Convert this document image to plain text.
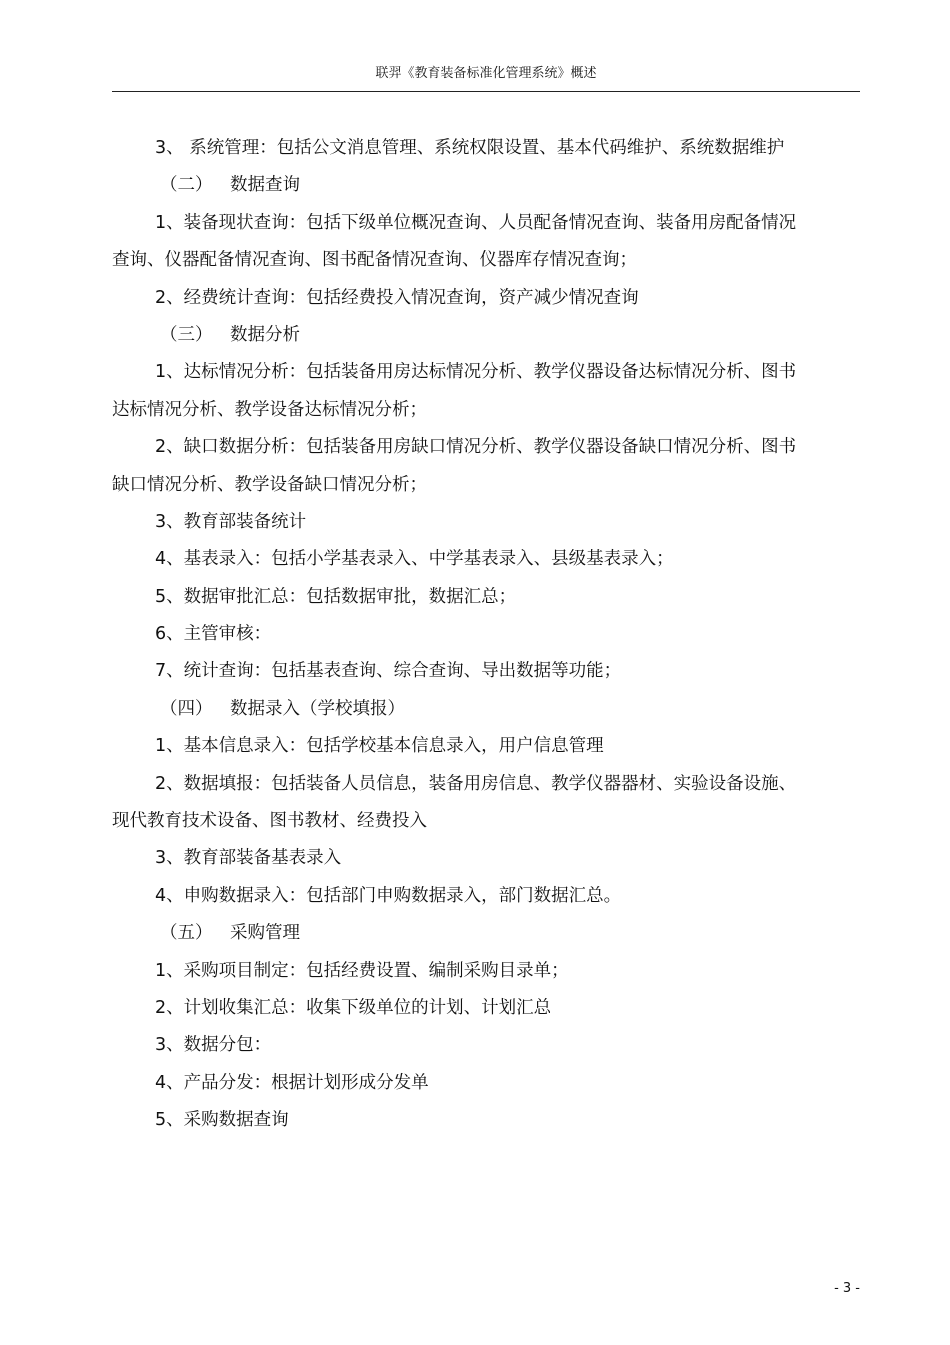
联羿《教育装备标准化管理系统》概述
3、 系统管理：包括公文消息管理、系统权限设置、基本代码维护、系统数据维护
（二） 数据查询
1、装备现状查询：包括下级单位概况查询、人员配备情况查询、装备用房配备情况
查询、仪器配备情况查询、图书配备情况查询、仪器库存情况查询；
2、经费统计查询：包括经费投入情况查询，资产减少情况查询
（三） 数据分析
1、达标情况分析：包括装备用房达标情况分析、教学仪器设备达标情况分析、图书
达标情况分析、教学设备达标情况分析；
2、缺口数据分析：包括装备用房缺口情况分析、教学仪器设备缺口情况分析、图书
缺口情况分析、教学设备缺口情况分析；
3、教育部装备统计
4、基表录入：包括小学基表录入、中学基表录入、县级基表录入；
5、数据审批汇总：包括数据审批，数据汇总；
6、主管审核：
7、统计查询：包括基表查询、综合查询、导出数据等功能；
（四） 数据录入（学校填报）
1、基本信息录入：包括学校基本信息录入，用户信息管理
2、数据填报：包括装备人员信息，装备用房信息、教学仪器器材、实验设备设施、
现代教育技术设备、图书教材、经费投入
3、教育部装备基表录入
4、申购数据录入：包括部门申购数据录入，部门数据汇总。
（五） 采购管理
1、采购项目制定：包括经费设置、编制采购目录单；
2、计划收集汇总：收集下级单位的计划、计划汇总
3、数据分包：
4、产品分发：根据计划形成分发单
5、采购数据查询
- 3 -
